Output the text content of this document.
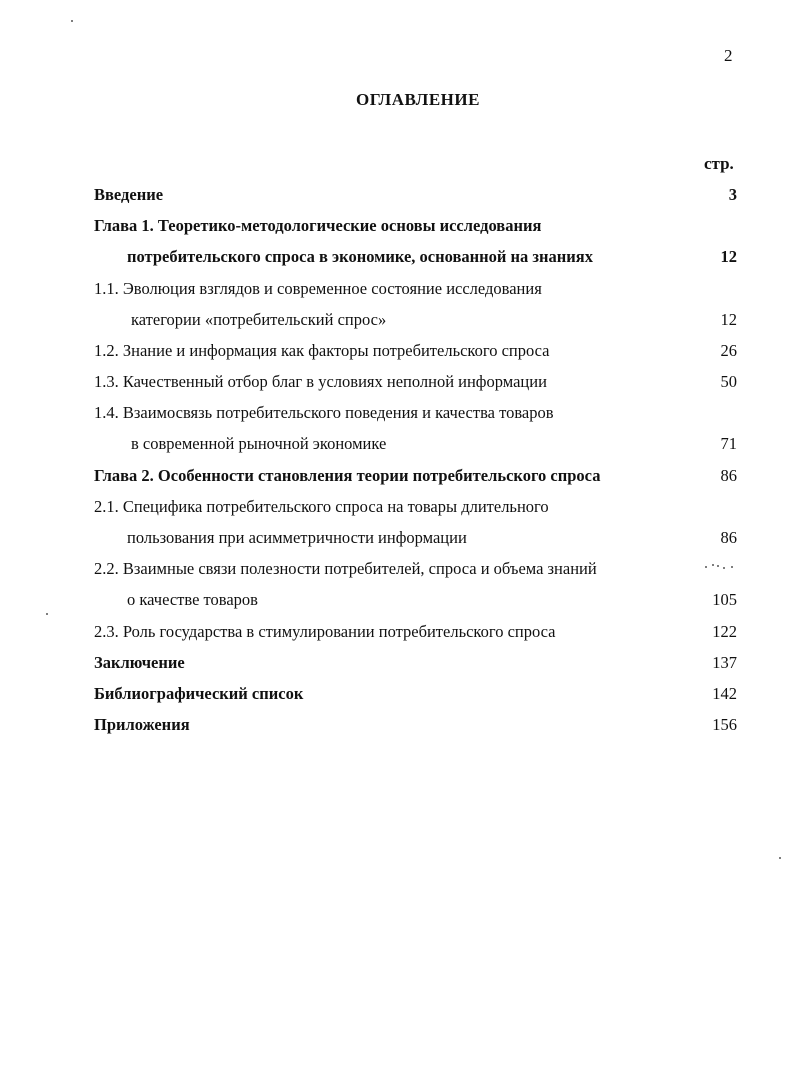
2
ОГЛАВЛЕНИЕ
стр.
Введение	3
Глава 1. Теоретико-методологические основы исследования
потребительского спроса в экономике, основанной на знаниях	12
1.1. Эволюция взглядов и современное состояние исследования
категории «потребительский спрос»	12
1.2. Знание и информация как факторы потребительского спроса	26
1.3. Качественный отбор благ в условиях неполной информации	50
1.4. Взаимосвязь потребительского поведения и качества товаров
в современной рыночной экономике	71
Глава 2. Особенности становления теории потребительского спроса	86
2.1. Специфика потребительского спроса на товары длительного
пользования при асимметричности информации	86
2.2. Взаимные связи полезности потребителей, спроса и объема знаний
о качестве товаров	105
2.3. Роль государства в стимулировании потребительского спроса	122
Заключение	137
Библиографический список	142
Приложения	156
